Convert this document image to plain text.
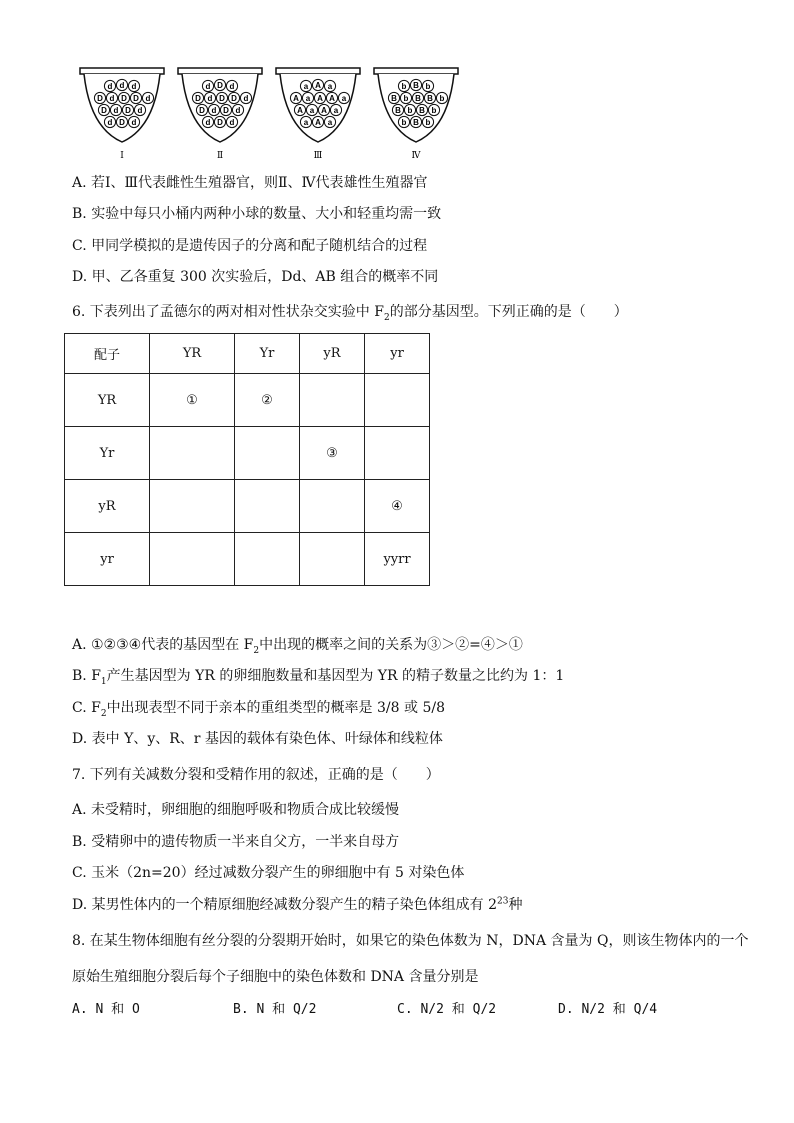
d d d
D d D D d
D d D d
d D d
Ⅰ
d D d
D d D D d
D d D d
d D d
Ⅱ
a A a
A a A A a
A a A a
a A a
Ⅲ
b B b
B b B B b
B b B b
b B b
Ⅳ
A. 若Ⅰ、Ⅲ代表雌性生殖器官，则Ⅱ、Ⅳ代表雄性生殖器官
B. 实验中每只小桶内两种小球的数量、大小和轻重均需一致
C. 甲同学模拟的是遗传因子的分离和配子随机结合的过程
D. 甲、乙各重复 300 次实验后，Dd、AB 组合的概率不同
6. 下表列出了孟德尔的两对相对性状杂交实验中 $F_2$的部分基因型。下列正确的是（　　）
配子	YR	Yr	yR	yr
YR	①	②		
Yr			③	
yR				④
yr				yyrr
A. ①②③④代表的基因型在 $F_2$中出现的概率之间的关系为③＞②=④＞①
B. $F_1$产生基因型为 YR 的卵细胞数量和基因型为 YR 的精子数量之比约为 1：1
C. $F_2$中出现表型不同于亲本的重组类型的概率是 3/8 或 5/8
D. 表中 Y、y、R、r 基因的载体有染色体、叶绿体和线粒体
7. 下列有关减数分裂和受精作用的叙述，正确的是（　　）
A. 未受精时，卵细胞的细胞呼吸和物质合成比较缓慢
B. 受精卵中的遗传物质一半来自父方，一半来自母方
C. 玉米（2n=20）经过减数分裂产生的卵细胞中有 5 对染色体
D. 某男性体内的一个精原细胞经减数分裂产生的精子染色体组成有 $2^{23}$种
8. 在某生物体细胞有丝分裂的分裂期开始时，如果它的染色体数为 N，DNA 含量为 Q，则该生物体内的一个
原始生殖细胞分裂后每个子细胞中的染色体数和 DNA 含量分别是
A. N 和 O	B. N 和 Q/2	C. N/2 和 Q/2	D. N/2 和 Q/4
